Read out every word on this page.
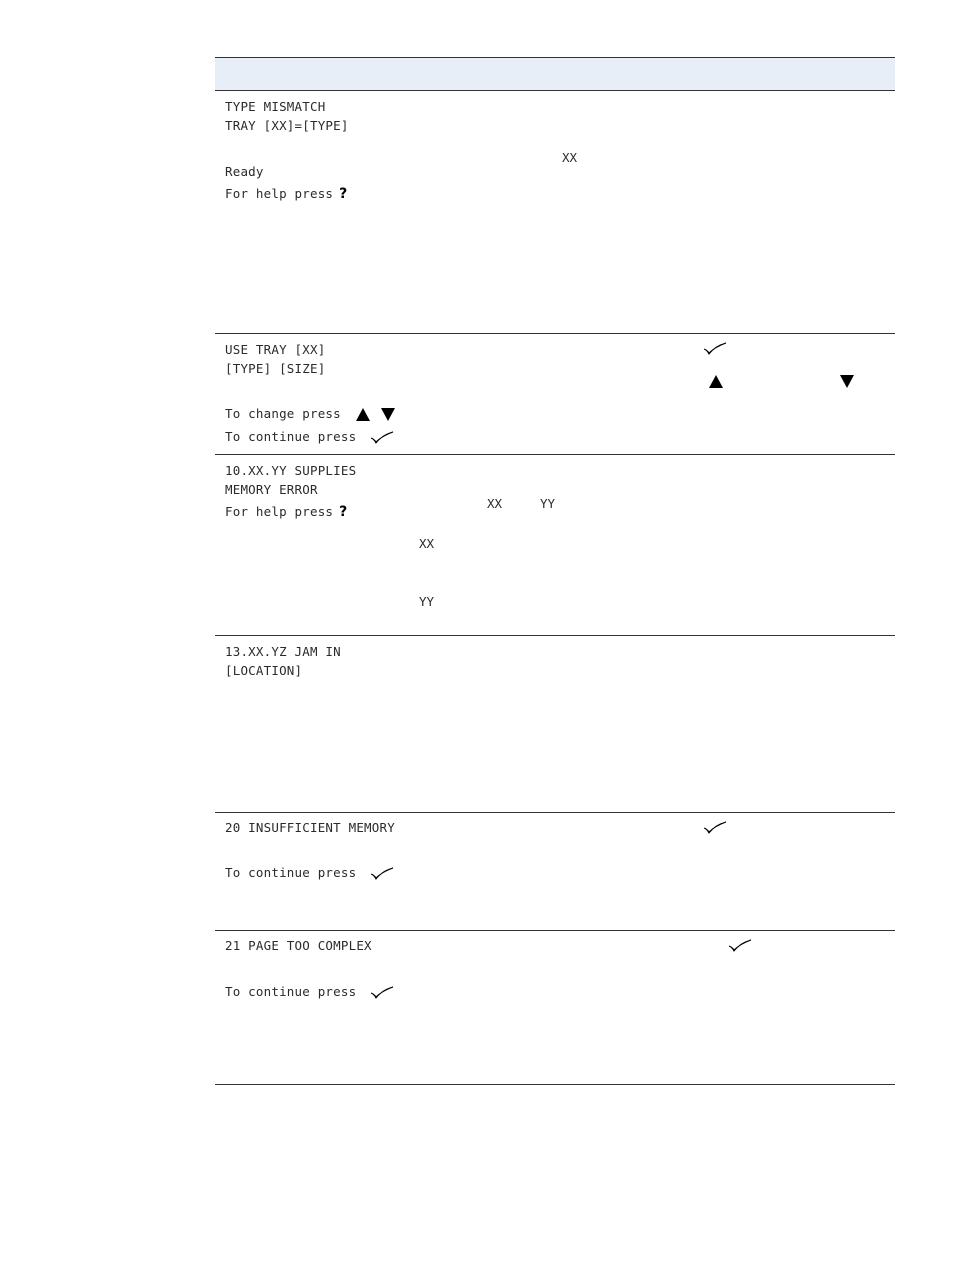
TYPE MISMATCH
TRAY [XX]=[TYPE]
XX
Ready
For help press ?
USE TRAY [XX]
[TYPE] [SIZE]
To change press

To continue press
10.XX.YY SUPPLIES
MEMORY ERROR
For help press ?
XX	YY
XX
YY
13.XX.YZ JAM IN
[LOCATION]
20 INSUFFICIENT MEMORY
To continue press
21 PAGE TOO COMPLEX
To continue press
